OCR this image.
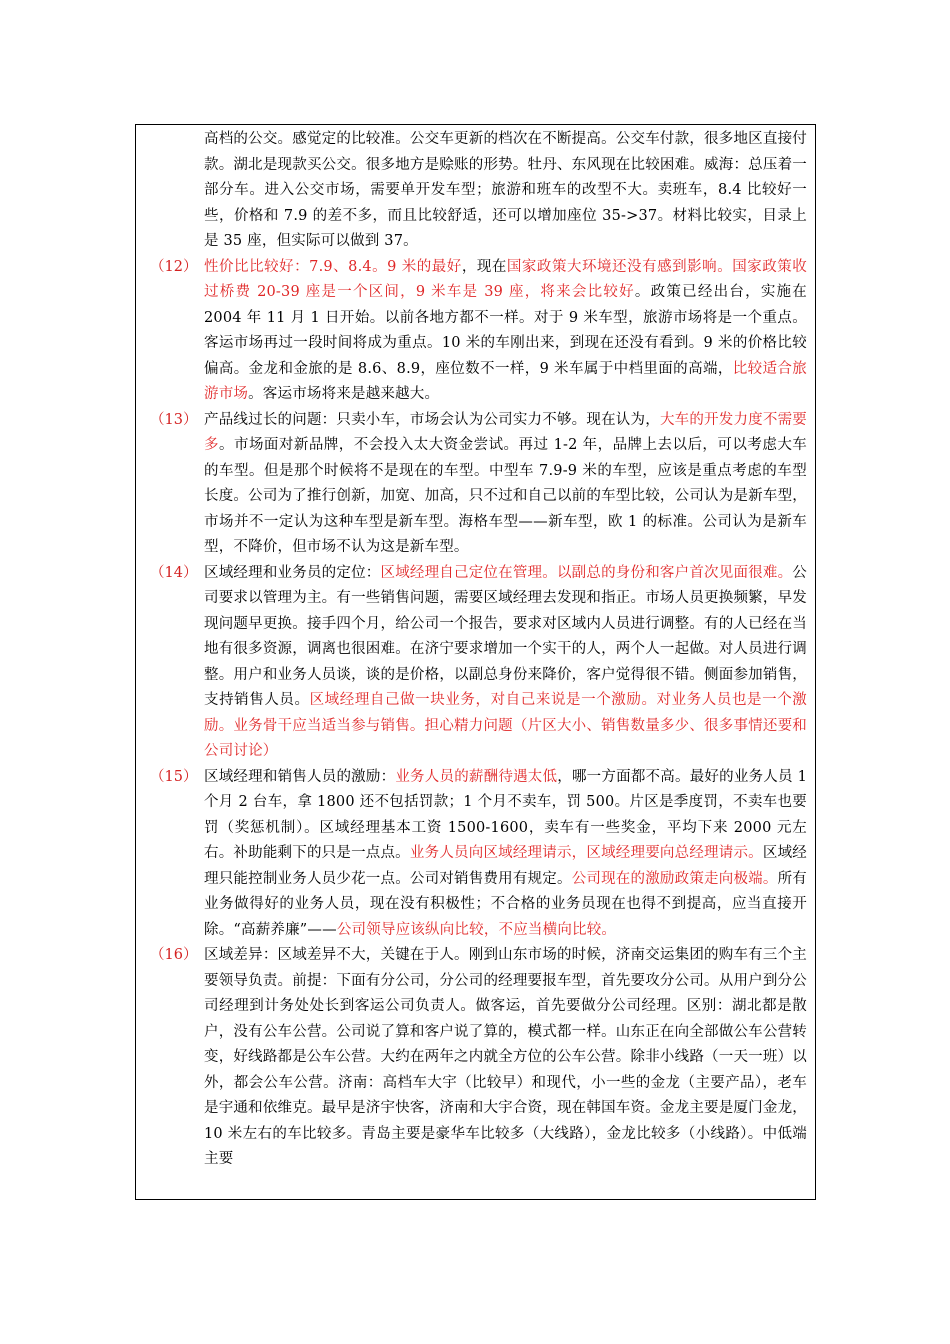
高档的公交。感觉定的比较准。公交车更新的档次在不断提高。公交车付款，很多地区直接付款。湖北是现款买公交。很多地方是赊账的形势。牡丹、东风现在比较困难。威海：总压着一部分车。进入公交市场，需要单开发车型；旅游和班车的改型不大。卖班车，8.4 比较好一些，价格和 7.9 的差不多，而且比较舒适，还可以增加座位 35->37。材料比较实，目录上是 35 座，但实际可以做到 37。
（12） 性价比比较好：7.9、8.4。9 米的最好，现在国家政策大环境还没有感到影响。国家政策收过桥费 20-39 座是一个区间，9 米车是 39 座，将来会比较好。政策已经出台，实施在 2004 年 11 月 1 日开始。以前各地方都不一样。对于 9 米车型，旅游市场将是一个重点。客运市场再过一段时间将成为重点。10 米的车刚出来，到现在还没有看到。9 米的价格比较偏高。金龙和金旅的是 8.6、8.9，座位数不一样，9 米车属于中档里面的高端，比较适合旅游市场。客运市场将来是越来越大。
（13） 产品线过长的问题：只卖小车，市场会认为公司实力不够。现在认为，大车的开发力度不需要多。市场面对新品牌，不会投入太大资金尝试。再过 1-2 年，品牌上去以后，可以考虑大车的车型。但是那个时候将不是现在的车型。中型车 7.9-9 米的车型，应该是重点考虑的车型长度。公司为了推行创新，加宽、加高，只不过和自己以前的车型比较，公司认为是新车型，市场并不一定认为这种车型是新车型。海格车型——新车型，欧 1 的标准。公司认为是新车型，不降价，但市场不认为这是新车型。
（14） 区域经理和业务员的定位：区域经理自己定位在管理。以副总的身份和客户首次见面很难。公司要求以管理为主。有一些销售问题，需要区域经理去发现和指正。市场人员更换频繁，早发现问题早更换。接手四个月，给公司一个报告，要求对区域内人员进行调整。有的人已经在当地有很多资源，调离也很困难。在济宁要求增加一个实干的人，两个人一起做。对人员进行调整。用户和业务人员谈，谈的是价格，以副总身份来降价，客户觉得很不错。侧面参加销售，支持销售人员。区域经理自己做一块业务，对自己来说是一个激励。对业务人员也是一个激励。业务骨干应当适当参与销售。担心精力问题（片区大小、销售数量多少、很多事情还要和公司讨论）
（15） 区域经理和销售人员的激励：业务人员的薪酬待遇太低，哪一方面都不高。最好的业务人员 1 个月 2 台车，拿 1800 还不包括罚款；1 个月不卖车，罚 500。片区是季度罚，不卖车也要罚（奖惩机制）。区域经理基本工资 1500-1600，卖车有一些奖金，平均下来 2000 元左右。补助能剩下的只是一点点。业务人员向区域经理请示，区域经理要向总经理请示。区域经理只能控制业务人员少花一点。公司对销售费用有规定。公司现在的激励政策走向极端。所有业务做得好的业务人员，现在没有积极性；不合格的业务员现在也得不到提高，应当直接开除。“高薪养廉”——公司领导应该纵向比较，不应当横向比较。
（16） 区域差异：区域差异不大，关键在于人。刚到山东市场的时候，济南交运集团的购车有三个主要领导负责。前提：下面有分公司，分公司的经理要报车型，首先要攻分公司。从用户到分公司经理到计务处处长到客运公司负责人。做客运，首先要做分公司经理。区别：湖北都是散户，没有公车公营。公司说了算和客户说了算的，模式都一样。山东正在向全部做公车公营转变，好线路都是公车公营。大约在两年之内就全方位的公车公营。除非小线路（一天一班）以外，都会公车公营。济南：高档车大宇（比较早）和现代，小一些的金龙（主要产品），老车是宇通和依维克。最早是济宇快客，济南和大宇合资，现在韩国车资。金龙主要是厦门金龙，10 米左右的车比较多。青岛主要是豪华车比较多（大线路），金龙比较多（小线路）。中低端主要
